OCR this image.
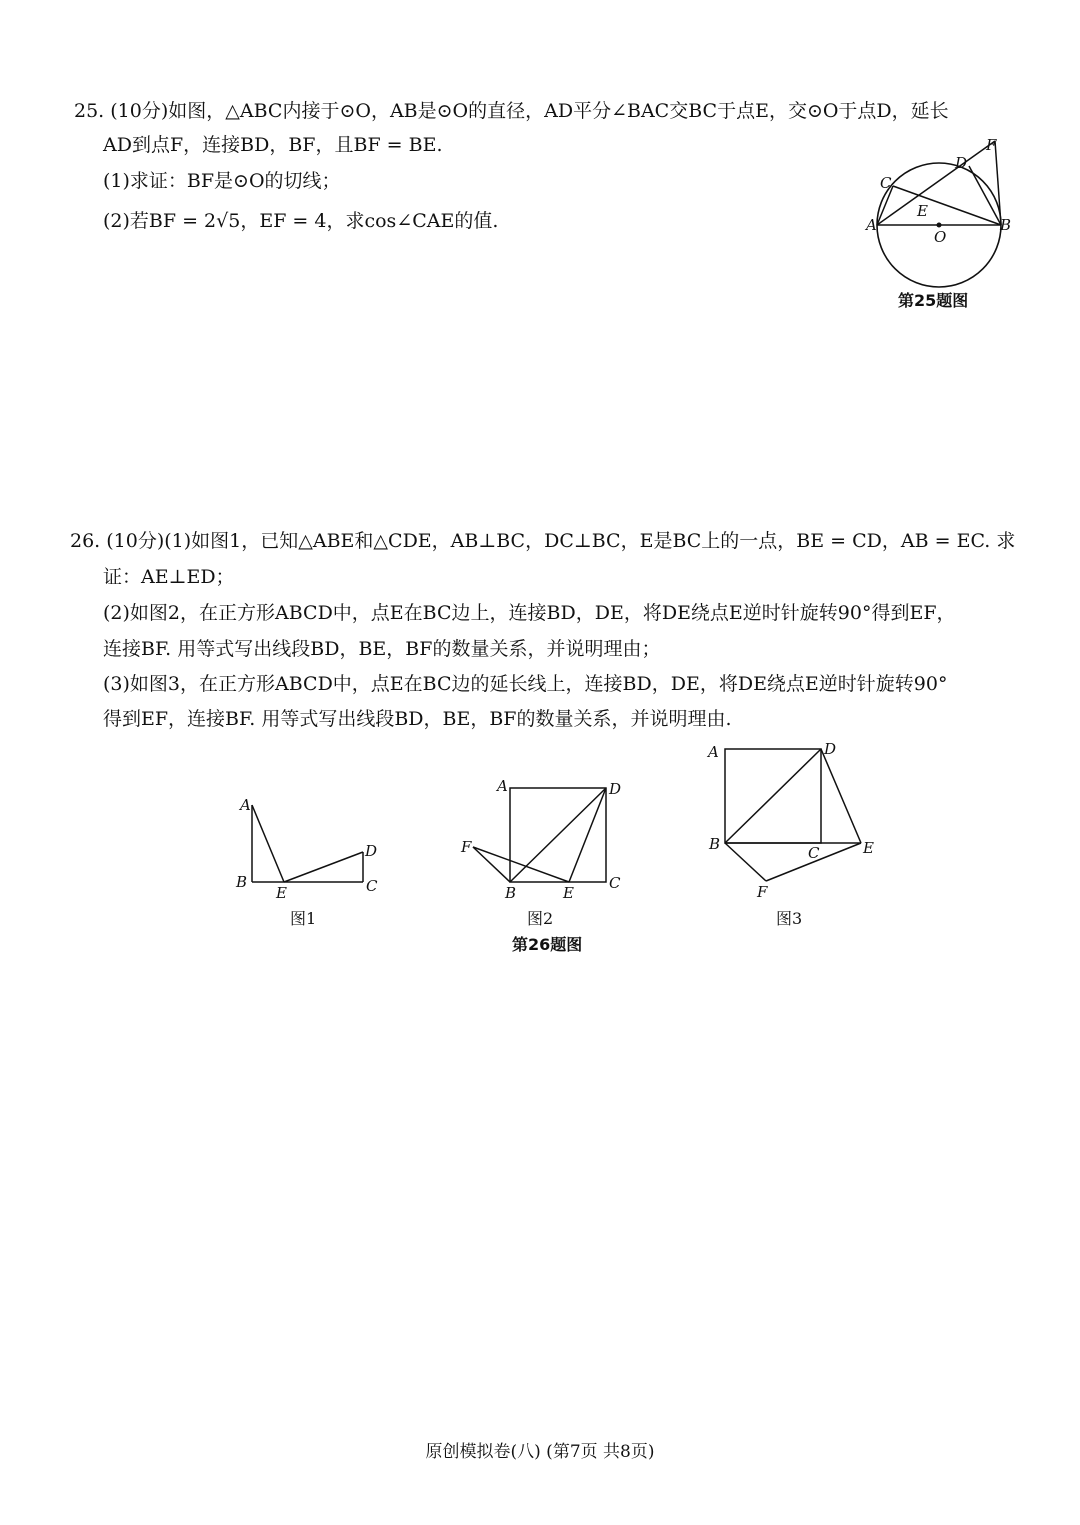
25. (10分)如图，△ABC内接于⊙O，AB是⊙O的直径，AD平分∠BAC交BC于点E，交⊙O于点D，延长
AD到点F，连接BD，BF，且BF = BE.
(1)求证：BF是⊙O的切线；
(2)若BF = 2√5，EF = 4，求cos∠CAE的值.	A	B
C
D
E
F
O
第25题图
26. (10分)(1)如图1，已知△ABE和△CDE，AB⊥BC，DC⊥BC，E是BC上的一点，BE = CD，AB = EC. 求
证：AE⊥ED；
(2)如图2，在正方形ABCD中，点E在BC边上，连接BD，DE，将DE绕点E逆时针旋转90°得到EF，
连接BF. 用等式写出线段BD，BE，BF的数量关系，并说明理由；
(3)如图3，在正方形ABCD中，点E在BC边的延长线上，连接BD，DE，将DE绕点E逆时针旋转90°
得到EF，连接BF. 用等式写出线段BD，BE，BF的数量关系，并说明理由.
A
B
E
D
C
图1
A	D
F
B	E
C
图2
A	D
B	C	E
F
图3
第26题图
原创模拟卷(八) (第7页 共8页)
